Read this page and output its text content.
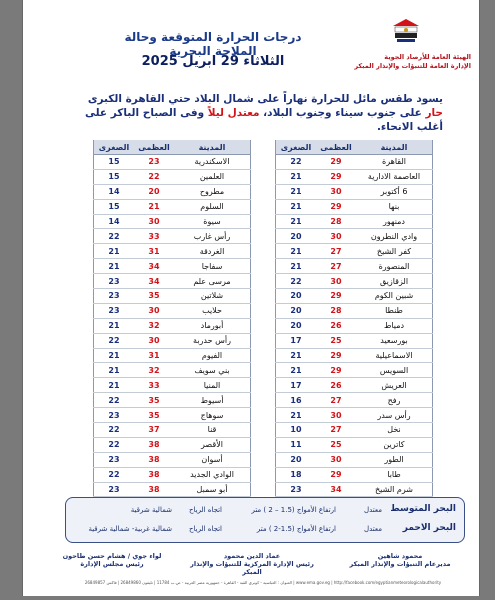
درجات الحرارة المتوقعة وحالة الملاحة البحرية
الثلاثاء 29 ابريل 2025	الهيئة العامة للأرصاد الجوية
الإدارة العامة للتنبؤات والإنذار المبكر
يسود طقس مائل للحرارة نهاراً على شمال البلاد حتي القاهرة الكبرى
حار على جنوب سيناء وجنوب البلاد، معتدل ليلاً وفى الصباح الباكر على أغلب الانحاء.
المدينة	العظمى	الصغرى
القاهرة	29	22
العاصمة الادارية	29	21
6 أكتوبر	30	21
بنها	29	21
دمنهور	28	21
وادي النطرون	30	20
كفر الشيخ	27	21
المنصورة	27	21
الزقازيق	30	22
شبين الكوم	29	20
طنطا	28	20
دمياط	26	20
بورسعيد	25	17
الاسماعيلية	29	21
السويس	29	21
العريش	26	17
رفح	27	16
رأس سدر	30	21
نخل	27	10
كاترين	25	11
الطور	30	20
طابا	29	18
شرم الشيخ	34	23
المدينة	العظمى	الصغرى
الاسكندرية	23	15
العلمين	22	15
مطروح	20	14
السلوم	21	15
سيوة	30	14
رأس غارب	33	22
الغردقة	31	21
سفاجا	34	21
مرسى علم	34	23
شلاتين	35	23
حلايب	30	23
أبورماد	32	21
رأس حدربة	30	22
الفيوم	31	21
بني سويف	32	21
المنيا	33	21
أسيوط	35	22
سوهاج	35	23
قنا	37	22
الأقصر	38	22
أسوان	38	23
الوادي الجديد	38	22
أبو سمبل	38	23
البحر المتوسط
معتدل
ارتفاع الأمواج (1.5 – 2 ) متر
اتجاه الرياح
شمالية شرقية
البحر الاحمر
معتدل
ارتفاع الأمواج (1.5-2 ) متر
اتجاه الرياح
شمالية غربية- شمالية شرقية
محمود شاهين
مديرعام التنبؤات والإنذار المبكر
عماد الدين محمود
رئيس الإدارة المركزية للتنبؤات والإنذار المبكر
لواء جوي / هشام حسن طاحون
رئيس مجلس الإدارة
العنوان : العباسية - كوبري القبة - القاهرة - جمهورية مصر العربية - ص.ب 11784 | تليفون 26849860 | فاكس 26849857 | www.ema.gov.eg | http://facebook.com/egyptianmeteorologicalauthority
